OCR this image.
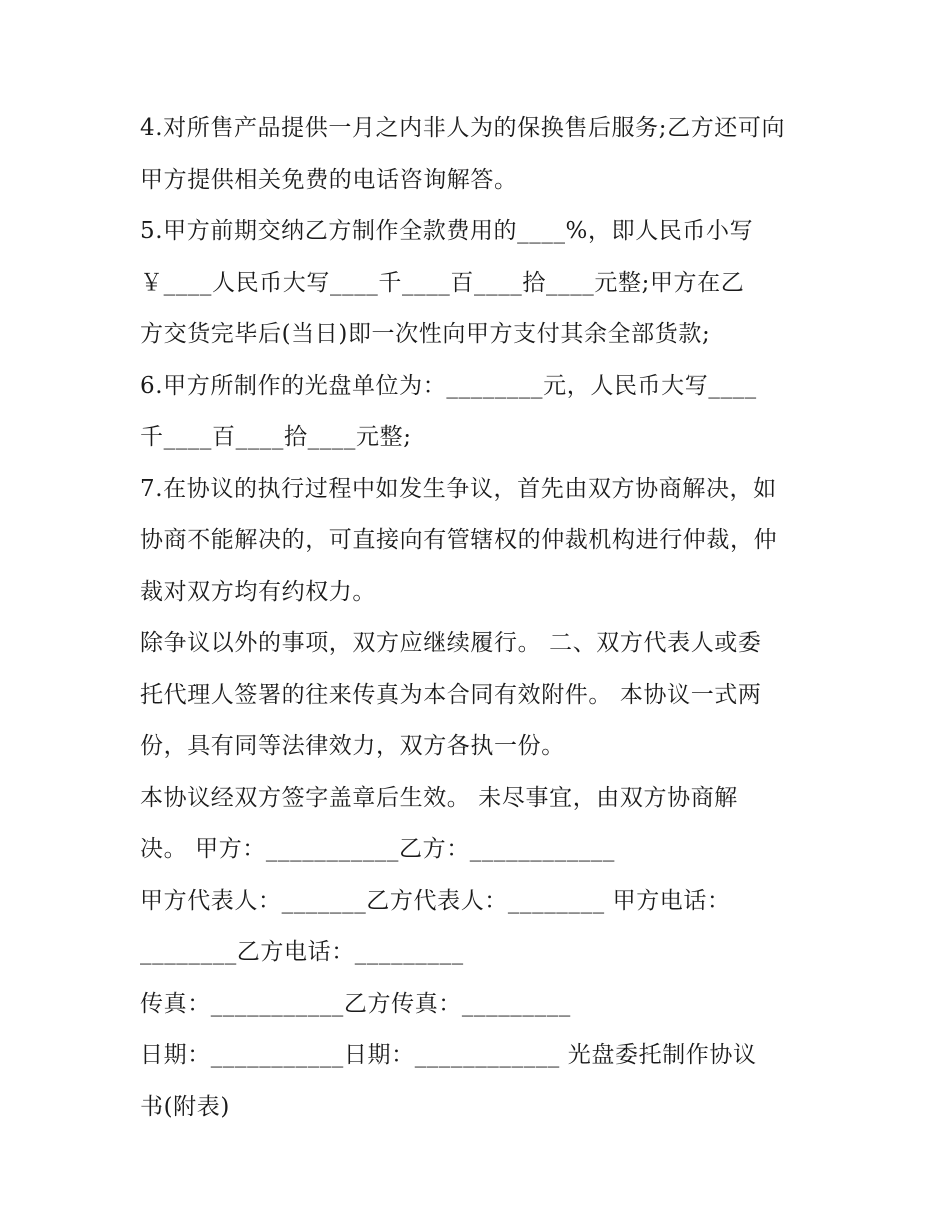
4.对所售产品提供一月之内非人为的保换售后服务;乙方还可向
甲方提供相关免费的电话咨询解答。
5.甲方前期交纳乙方制作全款费用的____%，即人民币小写
￥____人民币大写____千____百____拾____元整;甲方在乙
方交货完毕后(当日)即一次性向甲方支付其余全部货款;
6.甲方所制作的光盘单位为：________元，人民币大写____
千____百____拾____元整;
7.在协议的执行过程中如发生争议，首先由双方协商解决，如
协商不能解决的，可直接向有管辖权的仲裁机构进行仲裁，仲
裁对双方均有约权力。
除争议以外的事项，双方应继续履行。 二、双方代表人或委
托代理人签署的往来传真为本合同有效附件。 本协议一式两
份，具有同等法律效力，双方各执一份。
本协议经双方签字盖章后生效。 未尽事宜，由双方协商解
决。 甲方：___________乙方：____________
甲方代表人：_______乙方代表人：________ 甲方电话：
________乙方电话：_________
传真：___________乙方传真：_________
日期：___________日期：____________ 光盘委托制作协议
书(附表)
